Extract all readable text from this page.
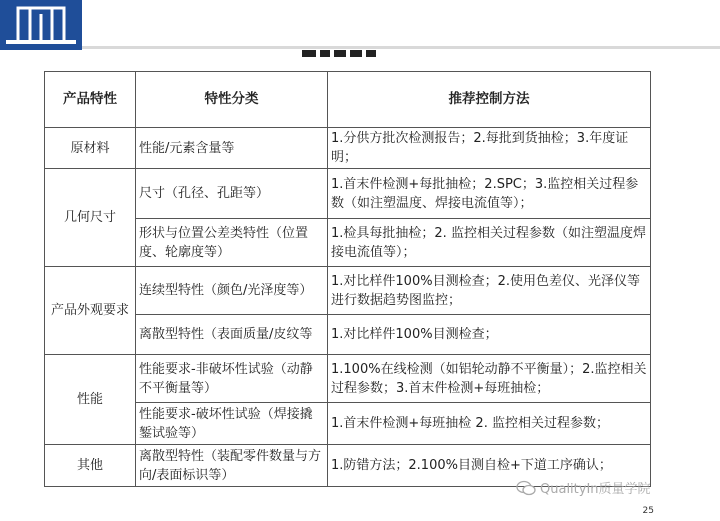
产品特性	特性分类	推荐控制方法
原材料	性能/元素含量等	1.分供方批次检测报告；2.每批到货抽检；3.年度证明；
几何尺寸	尺寸（孔径、孔距等）	1.首末件检测+每批抽检；2.SPC；3.监控相关过程参数（如注塑温度、焊接电流值等）；
	形状与位置公差类特性（位置度、轮廓度等）	1.检具每批抽检；2. 监控相关过程参数（如注塑温度焊接电流值等）；
产品外观要求	连续型特性（颜色/光泽度等）	1.对比样件100%目测检查；2.使用色差仪、光泽仪等进行数据趋势图监控；
	离散型特性（表面质量/皮纹等	1.对比样件100%目测检查；
性能	性能要求-非破坏性试验（动静不平衡量等）	1.100%在线检测（如铝轮动静不平衡量）；2.监控相关过程参数；3.首末件检测+每班抽检；
	性能要求-破坏性试验（焊接撬錾试验等）	1.首末件检测+每班抽检 2. 监控相关过程参数；
其他	离散型特性（装配零件数量与方向/表面标识等）	1.防错方法；2.100%目测自检+下道工序确认；
QualityIn质量学院
25
